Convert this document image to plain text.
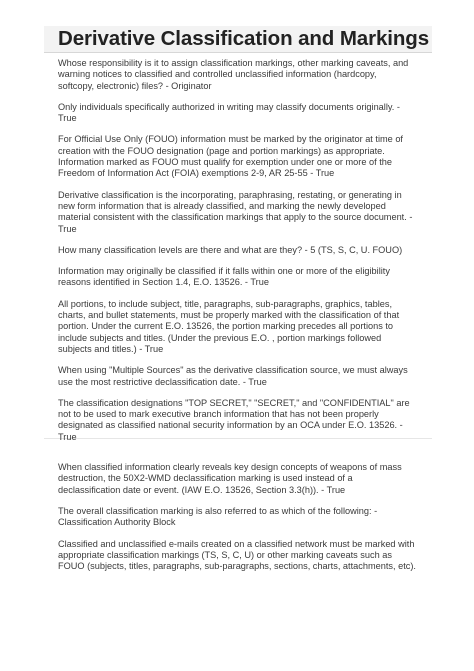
Derivative Classification and Markings

Whose responsibility is it to assign classification markings, other marking caveats, and
warning notices to classified and controlled unclassified information (hardcopy,
softcopy, electronic) files? - Originator

Only individuals specifically authorized in writing may classify documents originally. -
True

For Official Use Only (FOUO) information must be marked by the originator at time of
creation with the FOUO designation (page and portion markings) as appropriate.
Information marked as FOUO must qualify for exemption under one or more of the
Freedom of Information Act (FOIA) exemptions 2-9, AR 25-55 - True

Derivative classification is the incorporating, paraphrasing, restating, or generating in
new form information that is already classified, and marking the newly developed
material consistent with the classification markings that apply to the source document. -
True

How many classification levels are there and what are they? - 5 (TS, S, C, U. FOUO)

Information may originally be classified if it falls within one or more of the eligibility
reasons identified in Section 1.4, E.O. 13526. - True

All portions, to include subject, title, paragraphs, sub-paragraphs, graphics, tables,
charts, and bullet statements, must be properly marked with the classification of that
portion. Under the current E.O. 13526, the portion marking precedes all portions to
include subjects and titles. (Under the previous E.O. , portion markings followed
subjects and titles.) - True

When using "Multiple Sources" as the derivative classification source, we must always
use the most restrictive declassification date. - True

The classification designations "TOP SECRET," "SECRET," and "CONFIDENTIAL" are
not to be used to mark executive branch information that has not been properly
designated as classified national security information by an OCA under E.O. 13526. -
True

When classified information clearly reveals key design concepts of weapons of mass
destruction, the 50X2-WMD declassification marking is used instead of a
declassification date or event. (IAW E.O. 13526, Section 3.3(h)). - True

The overall classification marking is also referred to as which of the following: -
Classification Authority Block

Classified and unclassified e-mails created on a classified network must be marked with
appropriate classification markings (TS, S, C, U) or other marking caveats such as
FOUO (subjects, titles, paragraphs, sub-paragraphs, sections, charts, attachments, etc).
